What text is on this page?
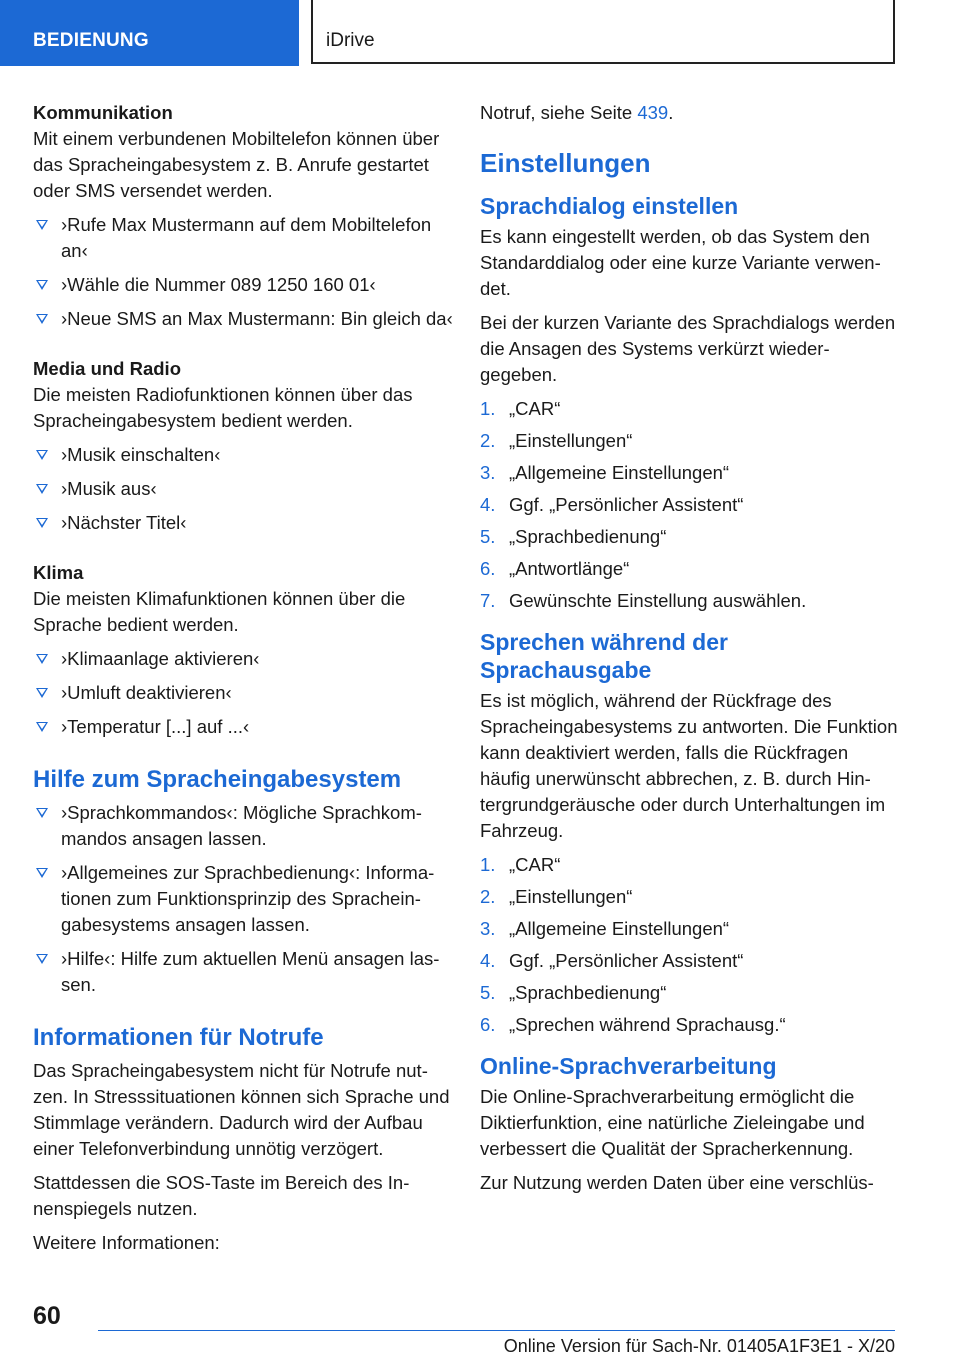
BEDIENUNG	iDrive

Kommunikation

Mit einem verbundenen Mobiltelefon können über das Spracheingabesystem z. B. Anrufe gestartet oder SMS versendet werden.

›Rufe Max Mustermann auf dem Mobiltelefon an‹
›Wähle die Nummer 089 1250 160 01‹
›Neue SMS an Max Mustermann: Bin gleich da‹

Media und Radio

Die meisten Radiofunktionen können über das Spracheingabesystem bedient werden.

›Musik einschalten‹
›Musik aus‹
›Nächster Titel‹

Klima

Die meisten Klimafunktionen können über die Sprache bedient werden.

›Klimaanlage aktivieren‹
›Umluft deaktivieren‹
›Temperatur [...] auf ...‹
Hilfe zum Spracheingabesystem
›Sprachkommandos‹: Mögliche Sprachkommandos ansagen lassen.
›Allgemeines zur Sprachbedienung‹: Informationen zum Funktionsprinzip des Spracheingabesystems ansagen lassen.
›Hilfe‹: Hilfe zum aktuellen Menü ansagen lassen.
Informationen für Notrufe

Das Spracheingabesystem nicht für Notrufe nutzen. In Stresssituationen können sich Sprache und Stimmlage verändern. Dadurch wird der Aufbau einer Telefonverbindung unnötig verzögert.

Stattdessen die SOS-Taste im Bereich des Innenspiegels nutzen.

Weitere Informationen:

Notruf, siehe Seite 439.

Einstellungen
Sprachdialog einstellen

Es kann eingestellt werden, ob das System den Standarddialog oder eine kurze Variante verwendet.

Bei der kurzen Variante des Sprachdialogs werden die Ansagen des Systems verkürzt wiedergegeben.

1. „CAR“
2. „Einstellungen“
3. „Allgemeine Einstellungen“
4. Ggf. „Persönlicher Assistent“
5. „Sprachbedienung“
6. „Antwortlänge“
7. Gewünschte Einstellung auswählen.
Sprechen während der
Sprachausgabe

Es ist möglich, während der Rückfrage des Spracheingabesystems zu antworten. Die Funktion kann deaktiviert werden, falls die Rückfragen häufig unerwünscht abbrechen, z. B. durch Hintergrundgeräusche oder durch Unterhaltungen im Fahrzeug.

1. „CAR“
2. „Einstellungen“
3. „Allgemeine Einstellungen“
4. Ggf. „Persönlicher Assistent“
5. „Sprachbedienung“
6. „Sprechen während Sprachausg.“
Online-Sprachverarbeitung

Die Online-Sprachverarbeitung ermöglicht die Diktierfunktion, eine natürliche Zieleingabe und verbessert die Qualität der Spracherkennung.

Zur Nutzung werden Daten über eine verschlüs-

60
Online Version für Sach-Nr. 01405A1F3E1 - X/20
